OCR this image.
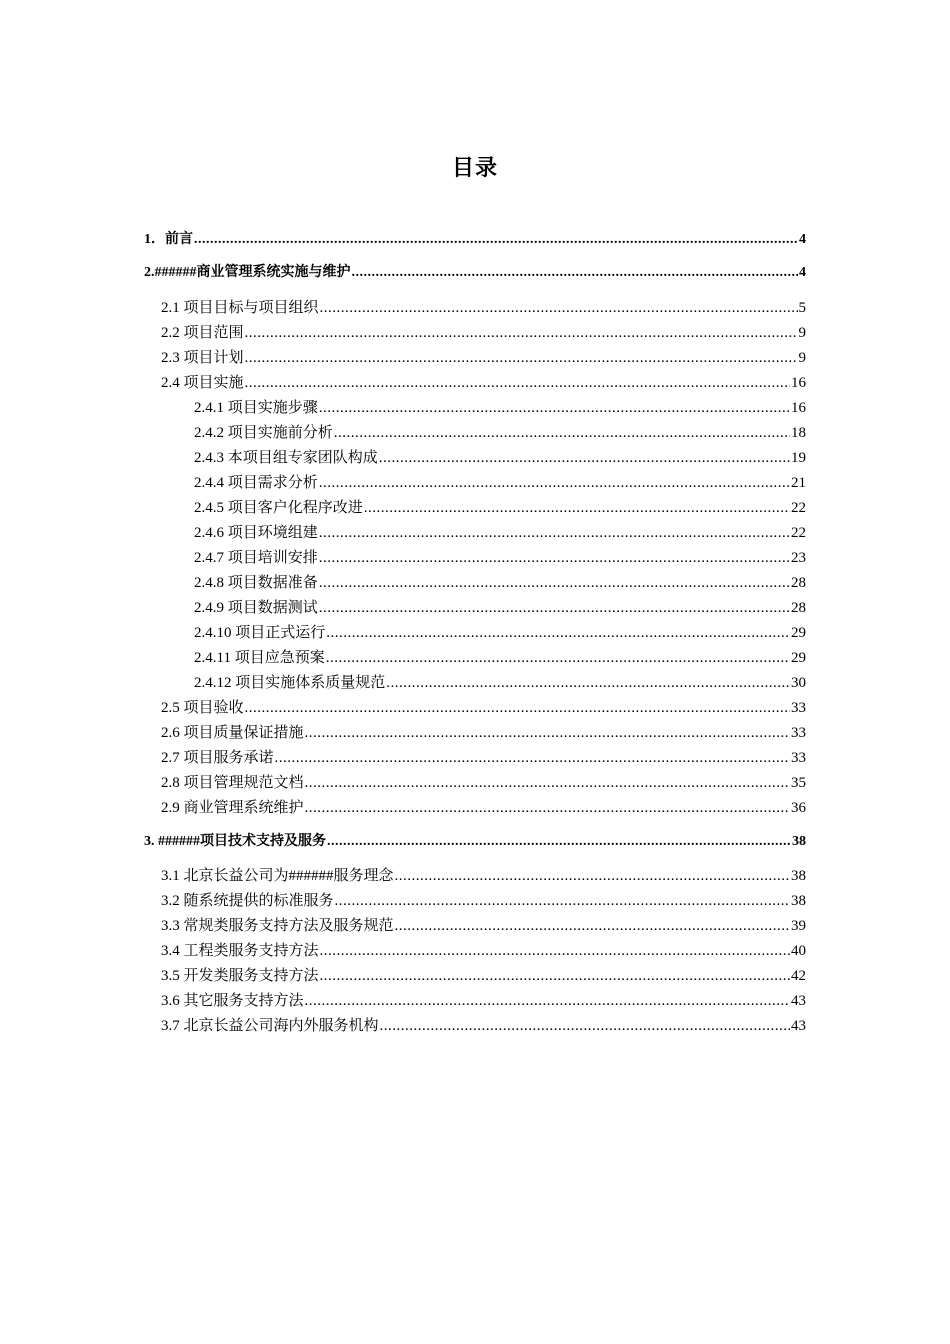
目录
1．前言 .....	4
2.######商业管理系统实施与维护 .....	4
2.1 项目目标与项目组织 .....	5
2.2 项目范围 .....	9
2.3 项目计划 .....	9
2.4 项目实施 .....	16
2.4.1 项目实施步骤 .....	16
2.4.2 项目实施前分析 .....	18
2.4.3 本项目组专家团队构成 .....	19
2.4.4 项目需求分析 .....	21
2.4.5 项目客户化程序改进 .....	22
2.4.6 项目环境组建 .....	22
2.4.7 项目培训安排 .....	23
2.4.8 项目数据准备 .....	28
2.4.9 项目数据测试 .....	28
2.4.10 项目正式运行 .....	29
2.4.11 项目应急预案 .....	29
2.4.12 项目实施体系质量规范 .....	30
2.5 项目验收 .....	33
2.6 项目质量保证措施 .....	33
2.7 项目服务承诺 .....	33
2.8 项目管理规范文档 .....	35
2.9 商业管理系统维护 .....	36
3. ######项目技术支持及服务 .....	38
3.1 北京长益公司为######服务理念 .....	38
3.2 随系统提供的标准服务 .....	38
3.3 常规类服务支持方法及服务规范 .....	39
3.4 工程类服务支持方法 .....	40
3.5 开发类服务支持方法 .....	42
3.6 其它服务支持方法 .....	43
3.7 北京长益公司海内外服务机构 .....	43
